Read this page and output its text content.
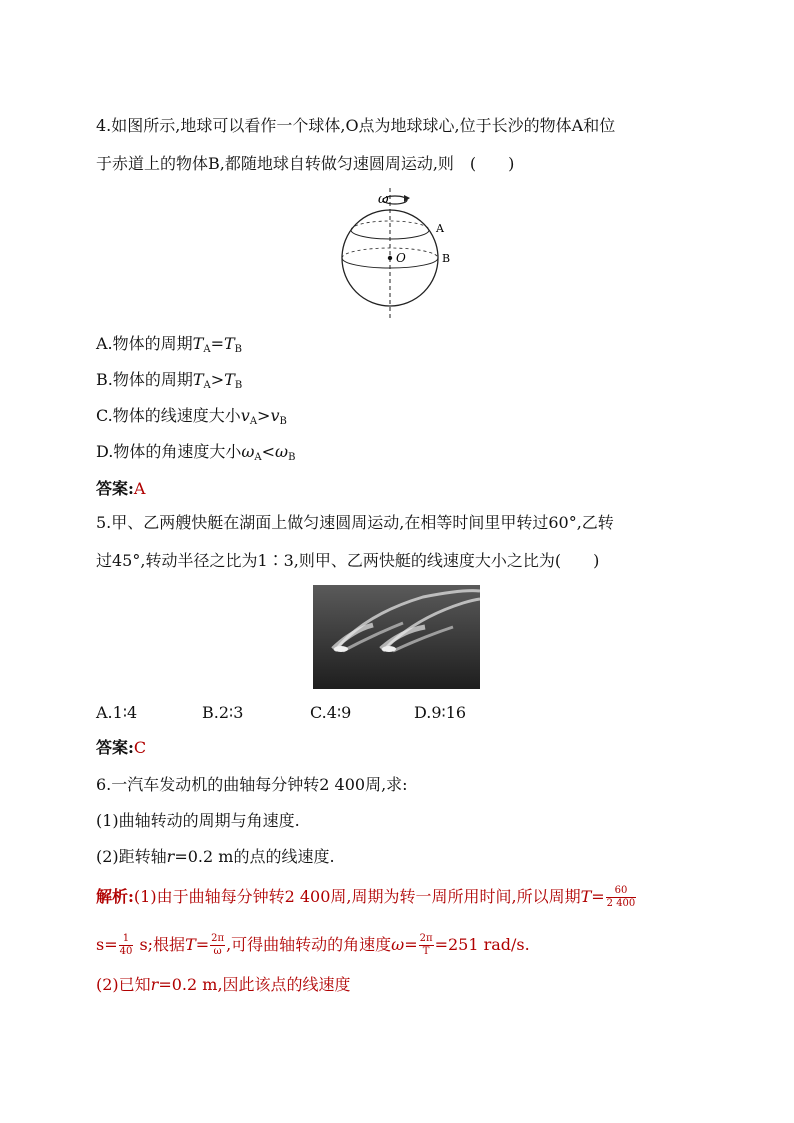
4.如图所示,地球可以看作一个球体,O点为地球球心,位于长沙的物体A和位
于赤道上的物体B,都随地球自转做匀速圆周运动,则　(　　)
ω
O
A
B
A.物体的周期$T_A=T_B$
B.物体的周期$T_A>T_B$
C.物体的线速度大小$v_A>v_B$
D.物体的角速度大小$\omega_A<\omega_B$
答案:A
5.甲、乙两艘快艇在湖面上做匀速圆周运动,在相等时间里甲转过60°,乙转
过45°,转动半径之比为1∶3,则甲、乙两快艇的线速度大小之比为(　　)
A.1∶4	B.2∶3	C.4∶9	D.9∶16
答案:C
6.一汽车发动机的曲轴每分钟转2 400周,求:
(1)曲轴转动的周期与角速度.
(2)距转轴r=0.2 m的点的线速度.
解析:(1)由于曲轴每分钟转2 400周,周期为转一周所用时间,所以周期$T= \frac{60}{2 400}$
$s= \frac{1}{40} s$;根据$T= \frac{2\pi}{\omega}$ ,可得曲轴转动的角速度$\omega= \frac{2\pi}{T} =251$ rad/s.
(2)已知r=0.2 m,因此该点的线速度
